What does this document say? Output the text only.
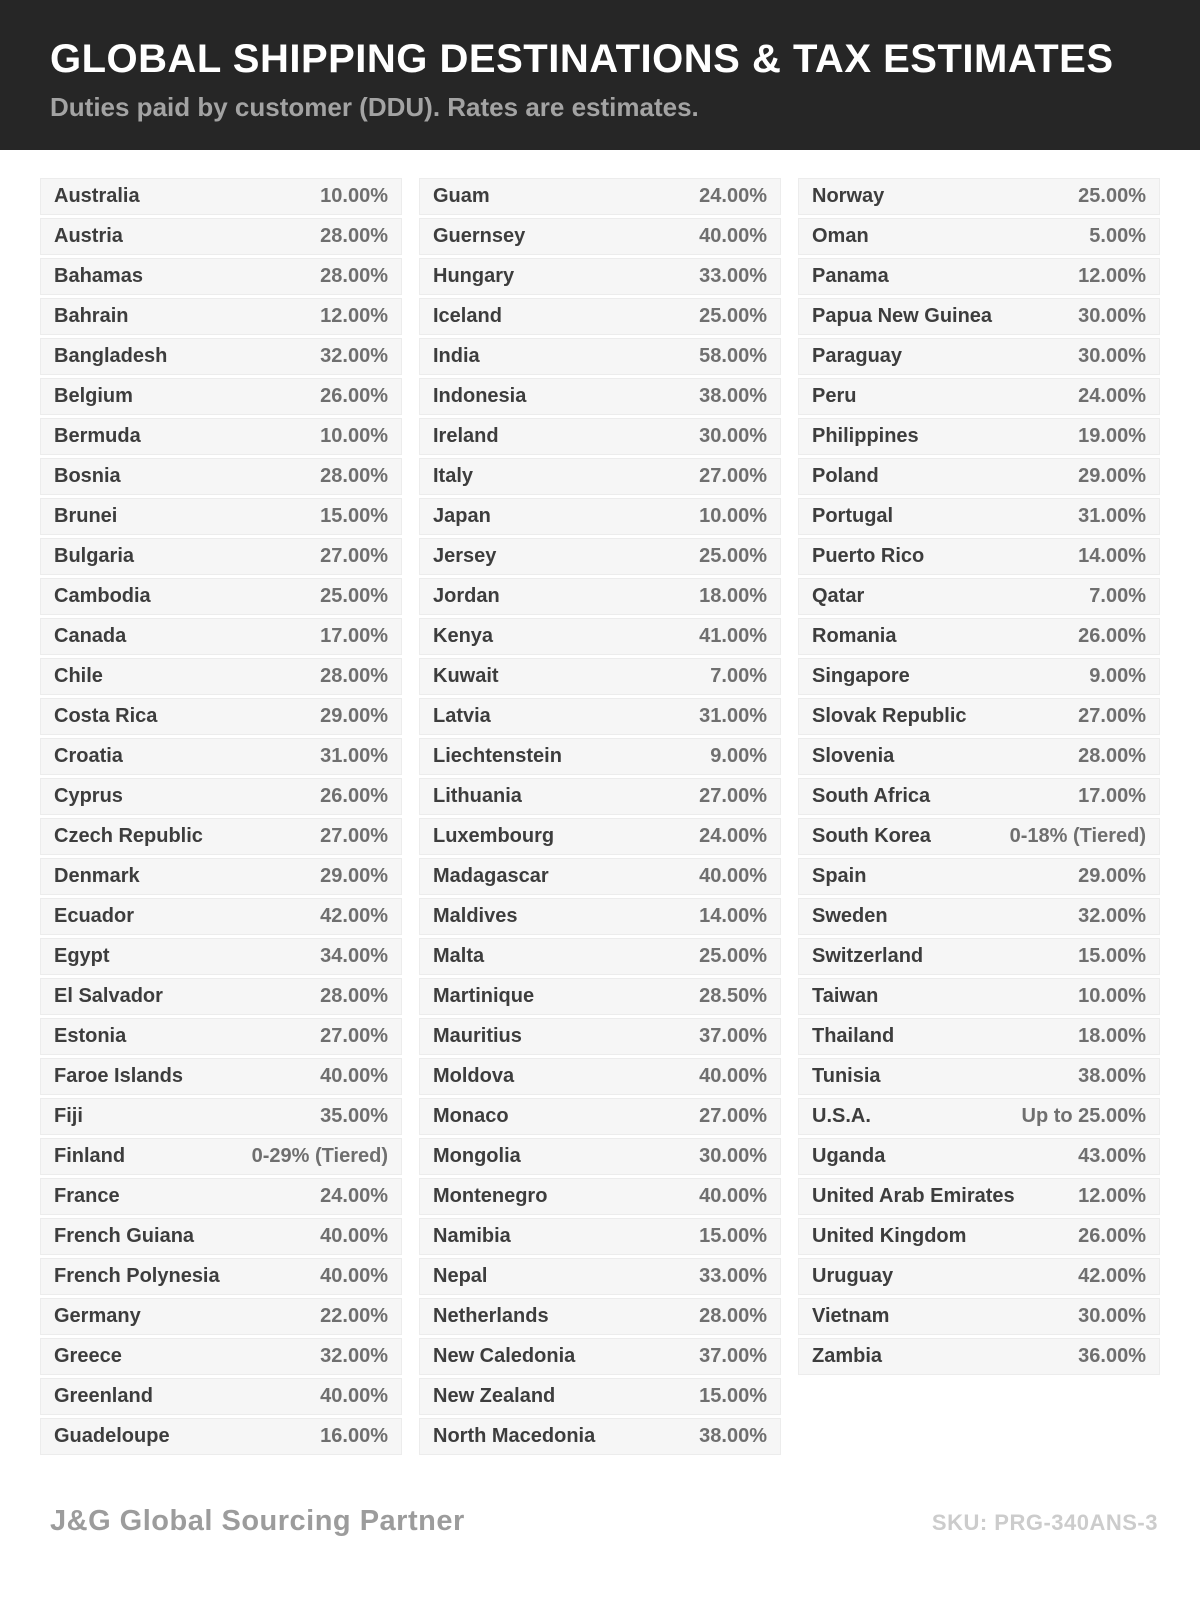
GLOBAL SHIPPING DESTINATIONS & TAX ESTIMATES
Duties paid by customer (DDU). Rates are estimates.
Australia	10.00%
Austria	28.00%
Bahamas	28.00%
Bahrain	12.00%
Bangladesh	32.00%
Belgium	26.00%
Bermuda	10.00%
Bosnia	28.00%
Brunei	15.00%
Bulgaria	27.00%
Cambodia	25.00%
Canada	17.00%
Chile	28.00%
Costa Rica	29.00%
Croatia	31.00%
Cyprus	26.00%
Czech Republic	27.00%
Denmark	29.00%
Ecuador	42.00%
Egypt	34.00%
El Salvador	28.00%
Estonia	27.00%
Faroe Islands	40.00%
Fiji	35.00%
Finland	0-29% (Tiered)
France	24.00%
French Guiana	40.00%
French Polynesia	40.00%
Germany	22.00%
Greece	32.00%
Greenland	40.00%
Guadeloupe	16.00%
Guam	24.00%
Guernsey	40.00%
Hungary	33.00%
Iceland	25.00%
India	58.00%
Indonesia	38.00%
Ireland	30.00%
Italy	27.00%
Japan	10.00%
Jersey	25.00%
Jordan	18.00%
Kenya	41.00%
Kuwait	7.00%
Latvia	31.00%
Liechtenstein	9.00%
Lithuania	27.00%
Luxembourg	24.00%
Madagascar	40.00%
Maldives	14.00%
Malta	25.00%
Martinique	28.50%
Mauritius	37.00%
Moldova	40.00%
Monaco	27.00%
Mongolia	30.00%
Montenegro	40.00%
Namibia	15.00%
Nepal	33.00%
Netherlands	28.00%
New Caledonia	37.00%
New Zealand	15.00%
North Macedonia	38.00%
Norway	25.00%
Oman	5.00%
Panama	12.00%
Papua New Guinea	30.00%
Paraguay	30.00%
Peru	24.00%
Philippines	19.00%
Poland	29.00%
Portugal	31.00%
Puerto Rico	14.00%
Qatar	7.00%
Romania	26.00%
Singapore	9.00%
Slovak Republic	27.00%
Slovenia	28.00%
South Africa	17.00%
South Korea	0-18% (Tiered)
Spain	29.00%
Sweden	32.00%
Switzerland	15.00%
Taiwan	10.00%
Thailand	18.00%
Tunisia	38.00%
U.S.A.	Up to 25.00%
Uganda	43.00%
United Arab Emirates	12.00%
United Kingdom	26.00%
Uruguay	42.00%
Vietnam	30.00%
Zambia	36.00%
J&G Global Sourcing Partner	SKU: PRG-340ANS-3
